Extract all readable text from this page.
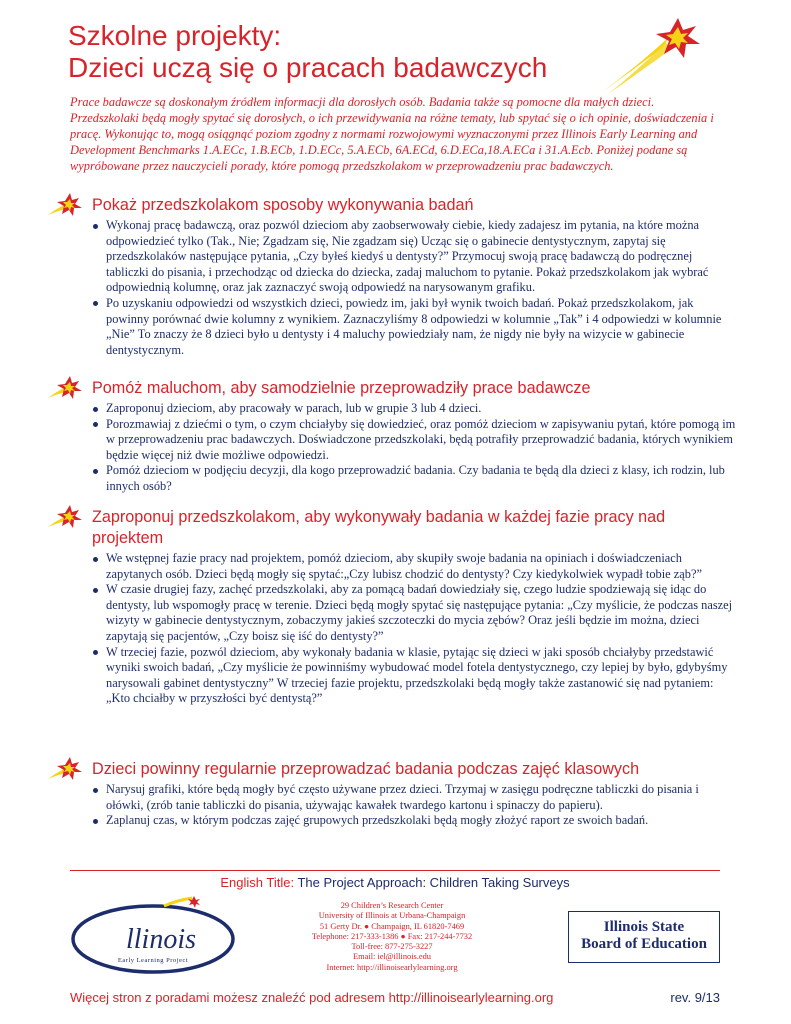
Szkolne projekty:
Dzieci uczą się o pracach badawczych

Prace badawcze są doskonałym źródłem informacji dla dorosłych osób. Badania także są pomocne dla małych dzieci. Przedszkolaki będą mogły spytać się dorosłych, o ich przewidywania na różne tematy, lub spytać się o ich opinie, doświadczenia i pracę. Wykonując to, mogą osiągnąć poziom zgodny z normami rozwojowymi wyznaczonymi przez Illinois Early Learning and Development Benchmarks 1.A.ECc, 1.B.ECb, 1.D.ECc, 5.A.ECb, 6A.ECd, 6.D.ECa,18.A.ECa i 31.A.Ecb. Poniżej podane są wypróbowane przez nauczycieli porady, które pomogą przedszkolakom w przeprowadzeniu prac badawczych.

Pokaż przedszkolakom sposoby wykonywania badań
Wykonaj pracę badawczą, oraz pozwól dzieciom aby zaobserwowały ciebie, kiedy zadajesz im pytania, na które można odpowiedzieć tylko (Tak., Nie; Zgadzam się, Nie zgadzam się) Ucząc się o gabinecie dentystycznym, zapytaj się przedszkolaków następujące pytania, „Czy byłeś kiedyś u dentysty?” Przymocuj swoją pracę badawczą do podręcznej tabliczki do pisania, i przechodząc od dziecka do dziecka, zadaj maluchom to pytanie. Pokaż przedszkolakom jak wybrać odpowiednią kolumnę, oraz jak zaznaczyć swoją odpowiedź na narysowanym grafiku.
Po uzyskaniu odpowiedzi od wszystkich dzieci, powiedz im, jaki był wynik twoich badań. Pokaż przedszkolakom, jak powinny porównać dwie kolumny z wynikiem. Zaznaczyliśmy 8 odpowiedzi w kolumnie „Tak” i 4 odpowiedzi w kolumnie „Nie” To znaczy że 8 dzieci było u dentysty i 4 maluchy powiedziały nam, że nigdy nie były na wizycie w gabinecie dentystycznym.
Pomóż maluchom, aby samodzielnie przeprowadziły prace badawcze
Zaproponuj dzieciom, aby pracowały w parach, lub w grupie 3 lub 4 dzieci.
Porozmawiaj z dziećmi o tym, o czym chciałyby się dowiedzieć, oraz pomóż dzieciom w zapisywaniu pytań, które pomogą im w przeprowadzeniu prac badawczych. Doświadczone przedszkolaki, będą potrafiły przeprowadzić badania, których wynikiem będzie więcej niż dwie możliwe odpowiedzi.
Pomóż dzieciom w podjęciu decyzji, dla kogo przeprowadzić badania. Czy badania te będą dla dzieci z klasy, ich rodzin, lub innych osób?
Zaproponuj przedszkolakom, aby wykonywały badania w każdej fazie pracy nad projektem
We wstępnej fazie pracy nad projektem, pomóż dzieciom, aby skupiły swoje badania na opiniach i doświadczeniach zapytanych osób. Dzieci będą mogły się spytać:„Czy lubisz chodzić do dentysty? Czy kiedykolwiek wypadł tobie ząb?”
W czasie drugiej fazy, zachęć przedszkolaki, aby za pomącą badań dowiedziały się, czego ludzie spodziewają się idąc do dentysty, lub wspomogły pracę w terenie. Dzieci będą mogły spytać się następujące pytania: „Czy myślicie, że podczas naszej wizyty w gabinecie dentystycznym, zobaczymy jakieś szczoteczki do mycia zębów? Oraz jeśli będzie im można, dzieci zapytają się pacjentów, „Czy boisz się iść do dentysty?”
W trzeciej fazie, pozwól dzieciom, aby wykonały badania w klasie, pytając się dzieci w jaki sposób chciałyby przedstawić wyniki swoich badań, „Czy myślicie że powinniśmy wybudować model fotela dentystycznego, czy lepiej by było, gdybyśmy narysowali gabinet dentystyczny” W trzeciej fazie projektu, przedszkolaki będą mogły także zastanowić się nad pytaniem: „Kto chciałby w przyszłości być dentystą?”
Dzieci powinny regularnie przeprowadzać badania podczas zajęć klasowych
Narysuj grafiki, które będą mogły być często używane przez dzieci. Trzymaj w zasięgu podręczne tabliczki do pisania i ołówki, (zrób tanie tabliczki do pisania, używając kawałek twardego kartonu i spinaczy do papieru).
Zaplanuj czas, w którym podczas zajęć grupowych przedszkolaki będą mogły złożyć raport ze swoich badań.
English Title: The Project Approach: Children Taking Surveys
llinois
Early Learning Project
29 Children’s Research Center
University of Illinois at Urbana-Champaign
51 Gerty Dr. ● Champaign, IL 61820-7469
Telephone: 217-333-1386 ● Fax: 217-244-7732
Toll-free: 877-275-3227
Email: iel@illinois.edu
Internet: http://illinoisearlylearning.org
Illinois State
Board of Education
Więcej stron z poradami możesz znaleźć pod adresem http://illinoisearlylearning.org	rev. 9/13
